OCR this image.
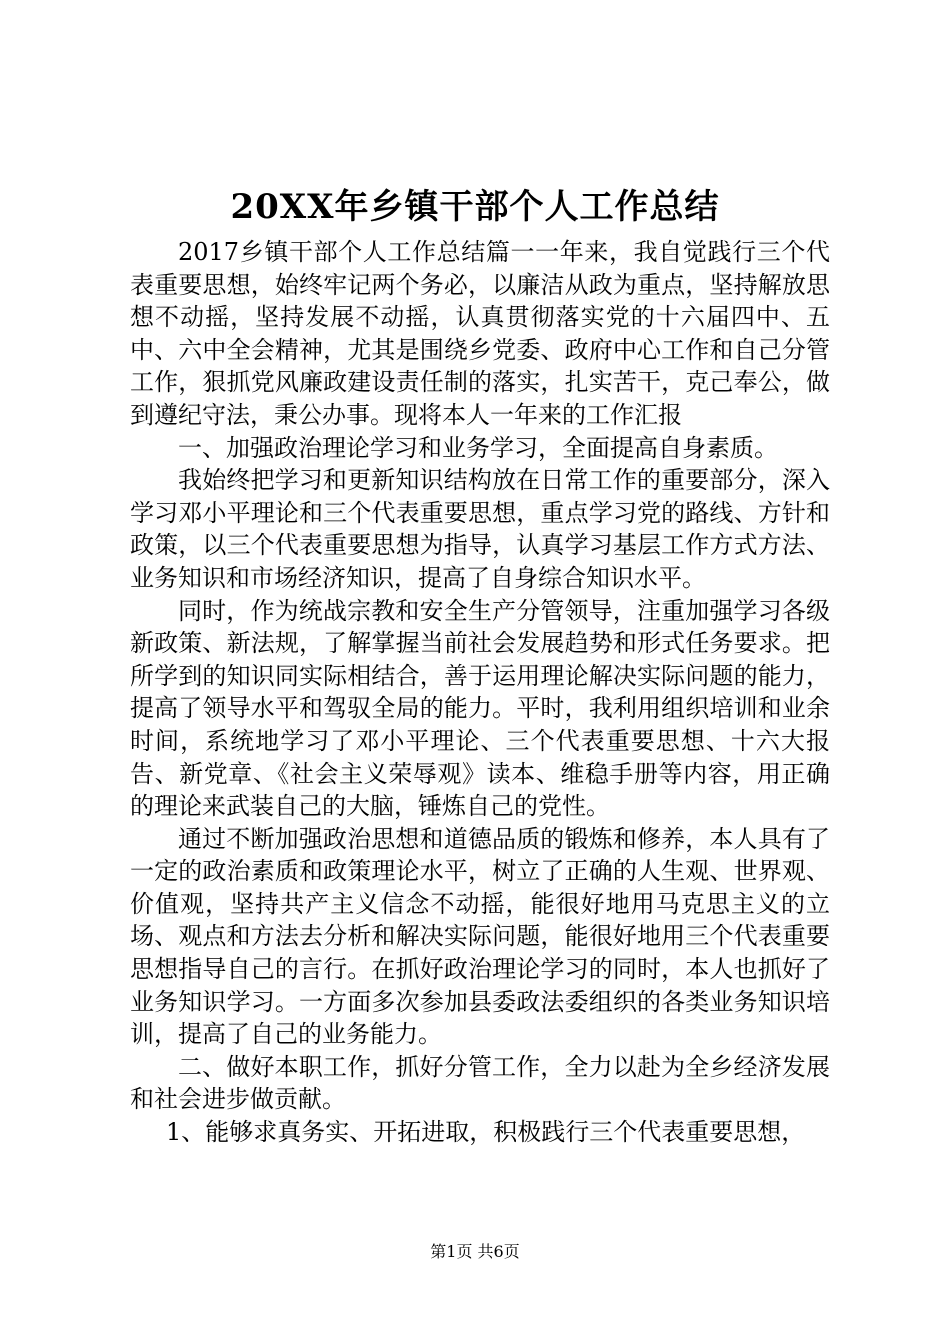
20XX年乡镇干部个人工作总结

2017乡镇干部个人工作总结篇一一年来，我自觉践行三个代表重要思想，始终牢记两个务必，以廉洁从政为重点，坚持解放思想不动摇，坚持发展不动摇，认真贯彻落实党的十六届四中、五中、六中全会精神，尤其是围绕乡党委、政府中心工作和自己分管工作，狠抓党风廉政建设责任制的落实，扎实苦干，克己奉公，做到遵纪守法，秉公办事。现将本人一年来的工作汇报

一、加强政治理论学习和业务学习，全面提高自身素质。

我始终把学习和更新知识结构放在日常工作的重要部分，深入学习邓小平理论和三个代表重要思想，重点学习党的路线、方针和政策，以三个代表重要思想为指导，认真学习基层工作方式方法、业务知识和市场经济知识，提高了自身综合知识水平。

同时，作为统战宗教和安全生产分管领导，注重加强学习各级新政策、新法规，了解掌握当前社会发展趋势和形式任务要求。把所学到的知识同实际相结合，善于运用理论解决实际问题的能力，提高了领导水平和驾驭全局的能力。平时，我利用组织培训和业余时间，系统地学习了邓小平理论、三个代表重要思想、十六大报告、新党章、《社会主义荣辱观》读本、维稳手册等内容，用正确的理论来武装自己的大脑，锤炼自己的党性。

通过不断加强政治思想和道德品质的锻炼和修养，本人具有了一定的政治素质和政策理论水平，树立了正确的人生观、世界观、价值观，坚持共产主义信念不动摇，能很好地用马克思主义的立场、观点和方法去分析和解决实际问题，能很好地用三个代表重要思想指导自己的言行。在抓好政治理论学习的同时，本人也抓好了业务知识学习。一方面多次参加县委政法委组织的各类业务知识培训，提高了自己的业务能力。

二、做好本职工作，抓好分管工作，全力以赴为全乡经济发展和社会进步做贡献。

1、能够求真务实、开拓进取，积极践行三个代表重要思想，

第1页 共6页
